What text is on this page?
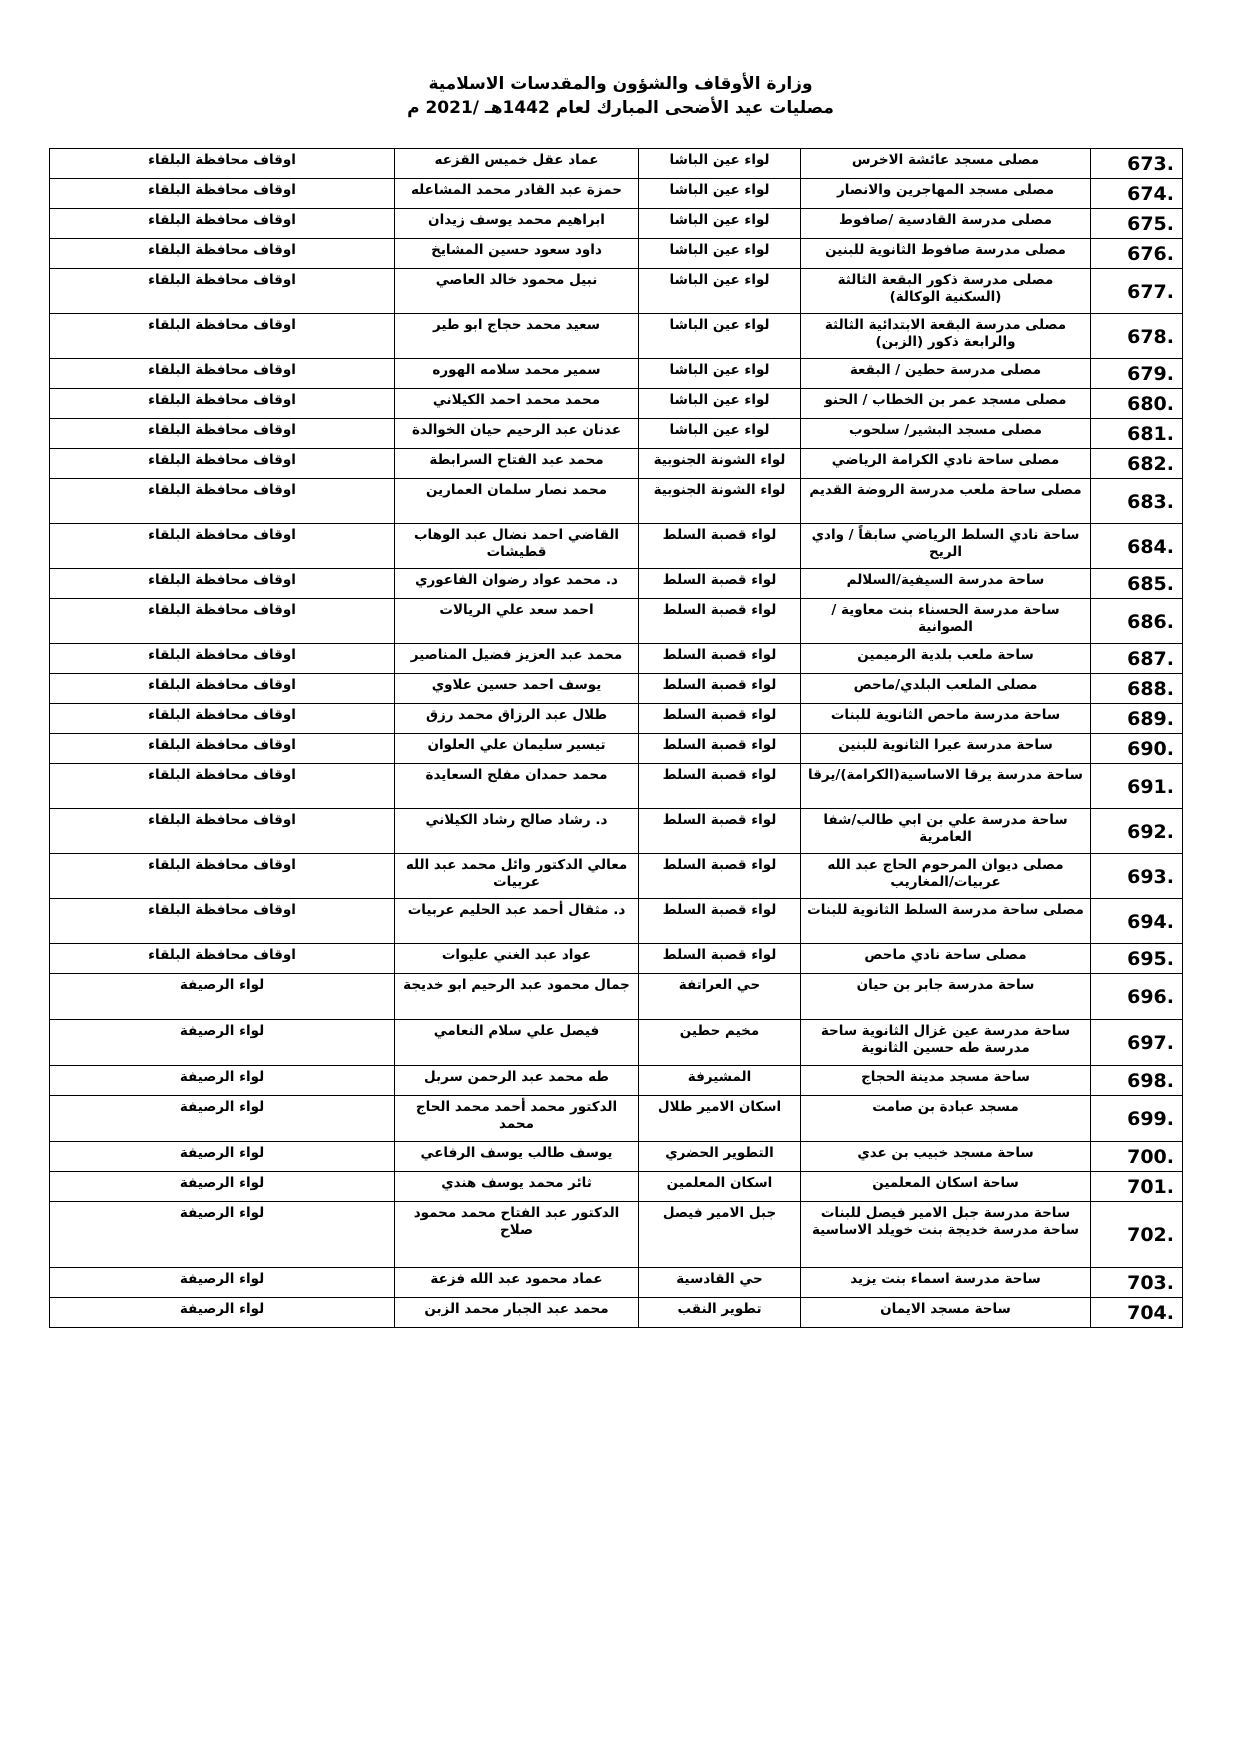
وزارة الأوقاف والشؤون والمقدسات الاسلامية
مصليات عيد الأضحى المبارك لعام 1442هـ /2021 م
673.	مصلى مسجد عائشة الاخرس	لواء عين الباشا	عماد عقل خميس القزعه	اوقاف محافظة البلقاء
674.	مصلى مسجد المهاجرين والانصار	لواء عين الباشا	حمزة عبد القادر محمد المشاعله	اوقاف محافظة البلقاء
675.	مصلى مدرسة القادسية /صافوط	لواء عين الباشا	ابراهيم محمد يوسف زيدان	اوقاف محافظة البلقاء
676.	مصلى مدرسة صافوط الثانوية للبنين	لواء عين الباشا	داود سعود حسين المشايخ	اوقاف محافظة البلقاء
677.	مصلى مدرسة ذكور البقعة الثالثة (السكنية الوكالة)	لواء عين الباشا	نبيل محمود خالد العاصي	اوقاف محافظة البلقاء
678.	مصلى مدرسة البقعة الابتدائية الثالثة والرابعة ذكور (الزبن)	لواء عين الباشا	سعيد محمد حجاج ابو طير	اوقاف محافظة البلقاء
679.	مصلى مدرسة حطين / البقعة	لواء عين الباشا	سمير محمد سلامه الهوره	اوقاف محافظة البلقاء
680.	مصلى مسجد عمر بن الخطاب / الحنو	لواء عين الباشا	محمد محمد احمد الكيلاني	اوقاف محافظة البلقاء
681.	مصلى مسجد البشير/ سلحوب	لواء عين الباشا	عدنان عبد الرحيم حيان الخوالدة	اوقاف محافظة البلقاء
682.	مصلى ساحة نادي الكرامة الرياضي	لواء الشونة الجنوبية	محمد عبد الفتاح السرابطة	اوقاف محافظة البلقاء
683.	مصلى ساحة ملعب مدرسة الروضة القديم	لواء الشونة الجنوبية	محمد نصار سلمان العمارين	اوقاف محافظة البلقاء
684.	ساحة نادي السلط الرياضي سابقاً / وادي الريح	لواء قصبة السلط	القاضي احمد نضال عبد الوهاب قطيشات	اوقاف محافظة البلقاء
685.	ساحة مدرسة السيفية/السلالم	لواء قصبة السلط	د. محمد عواد رضوان الفاعوري	اوقاف محافظة البلقاء
686.	ساحة مدرسة الحسناء بنت معاوية / الصوانية	لواء قصبة السلط	احمد سعد علي الريالات	اوقاف محافظة البلقاء
687.	ساحة ملعب بلدية الرميمين	لواء قصبة السلط	محمد عبد العزيز فضيل المناصير	اوقاف محافظة البلقاء
688.	مصلى الملعب البلدي/ماحص	لواء قصبة السلط	يوسف احمد حسين علاوي	اوقاف محافظة البلقاء
689.	ساحة مدرسة ماحص الثانوية للبنات	لواء قصبة السلط	طلال عبد الرزاق محمد رزق	اوقاف محافظة البلقاء
690.	ساحة مدرسة عيرا الثانوية للبنين	لواء قصبة السلط	تيسير سليمان علي العلوان	اوقاف محافظة البلقاء
691.	ساحة مدرسة يرقا الاساسية(الكرامة)/يرقا	لواء قصبة السلط	محمد حمدان مفلح السعايدة	اوقاف محافظة البلقاء
692.	ساحة مدرسة علي بن ابي طالب/شفا العامرية	لواء قصبة السلط	د. رشاد صالح رشاد الكيلاني	اوقاف محافظة البلقاء
693.	مصلى ديوان المرحوم الحاج عبد الله عربيات/المغاريب	لواء قصبة السلط	معالي الدكتور وائل محمد عبد الله عربيات	اوقاف محافظة البلقاء
694.	مصلى ساحة مدرسة السلط الثانوية للبنات	لواء قصبة السلط	د. مثقال أحمد عبد الحليم عربيات	اوقاف محافظة البلقاء
695.	مصلى ساحة نادي ماحص	لواء قصبة السلط	عواد عبد الغني عليوات	اوقاف محافظة البلقاء
696.	ساحة مدرسة جابر بن حيان	حي العراتفة	جمال محمود عبد الرحيم ابو خديجة	لواء الرصيفة
697.	ساحة مدرسة عين غزال الثانوية ساحة مدرسة طه حسين الثانوية	مخيم حطين	فيصل علي سلام النعامي	لواء الرصيفة
698.	ساحة مسجد مدينة الحجاج	المشيرفة	طه محمد عبد الرحمن سربل	لواء الرصيفة
699.	مسجد عبادة بن صامت	اسكان الامير طلال	الدكتور محمد أحمد محمد الحاج محمد	لواء الرصيفة
700.	ساحة مسجد خبيب بن عدي	التطوير الحضري	يوسف طالب يوسف الرفاعي	لواء الرصيفة
701.	ساحة اسكان المعلمين	اسكان المعلمين	ثائر محمد يوسف هندي	لواء الرصيفة
702.	ساحة مدرسة جبل الامير فيصل للبنات ساحة مدرسة خديجة بنت خويلد الاساسية	جبل الامير فيصل	الدكتور عبد الفتاح محمد محمود صلاح	لواء الرصيفة
703.	ساحة مدرسة اسماء بنت يزيد	حي القادسية	عماد محمود عبد الله فزعة	لواء الرصيفة
704.	ساحة مسجد الايمان	تطوير النقب	محمد عبد الجبار محمد الزبن	لواء الرصيفة
